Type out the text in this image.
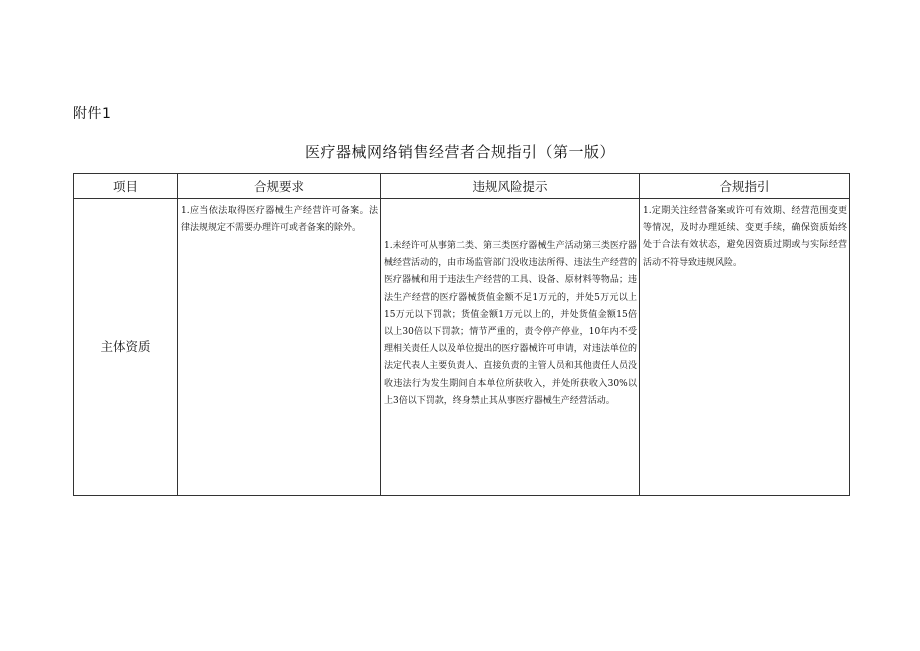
附件1
医疗器械网络销售经营者合规指引（第一版）
项目	合规要求	违规风险提示	合规指引
主体资质	1.应当依法取得医疗器械生产经营许可备案。法律法规规定不需要办理许可或者备案的除外。	1.未经许可从事第二类、第三类医疗器械生产活动第三类医疗器械经营活动的，由市场监管部门没收违法所得、违法生产经营的医疗器械和用于违法生产经营的工具、设备、原材料等物品；违法生产经营的医疗器械货值金额不足1万元的，并处5万元以上15万元以下罚款；货值金额1万元以上的，并处货值金额15倍以上30倍以下罚款；情节严重的，责令停产停业，10年内不受理相关责任人以及单位提出的医疗器械许可申请，对违法单位的法定代表人主要负责人、直接负责的主管人员和其他责任人员没收违法行为发生期间自本单位所获收入，并处所获收入30%以上3倍以下罚款，终身禁止其从事医疗器械生产经营活动。	1.定期关注经营备案或许可有效期、经营范围变更等情况，及时办理延续、变更手续，确保资质始终处于合法有效状态，避免因资质过期或与实际经营活动不符导致违规风险。
